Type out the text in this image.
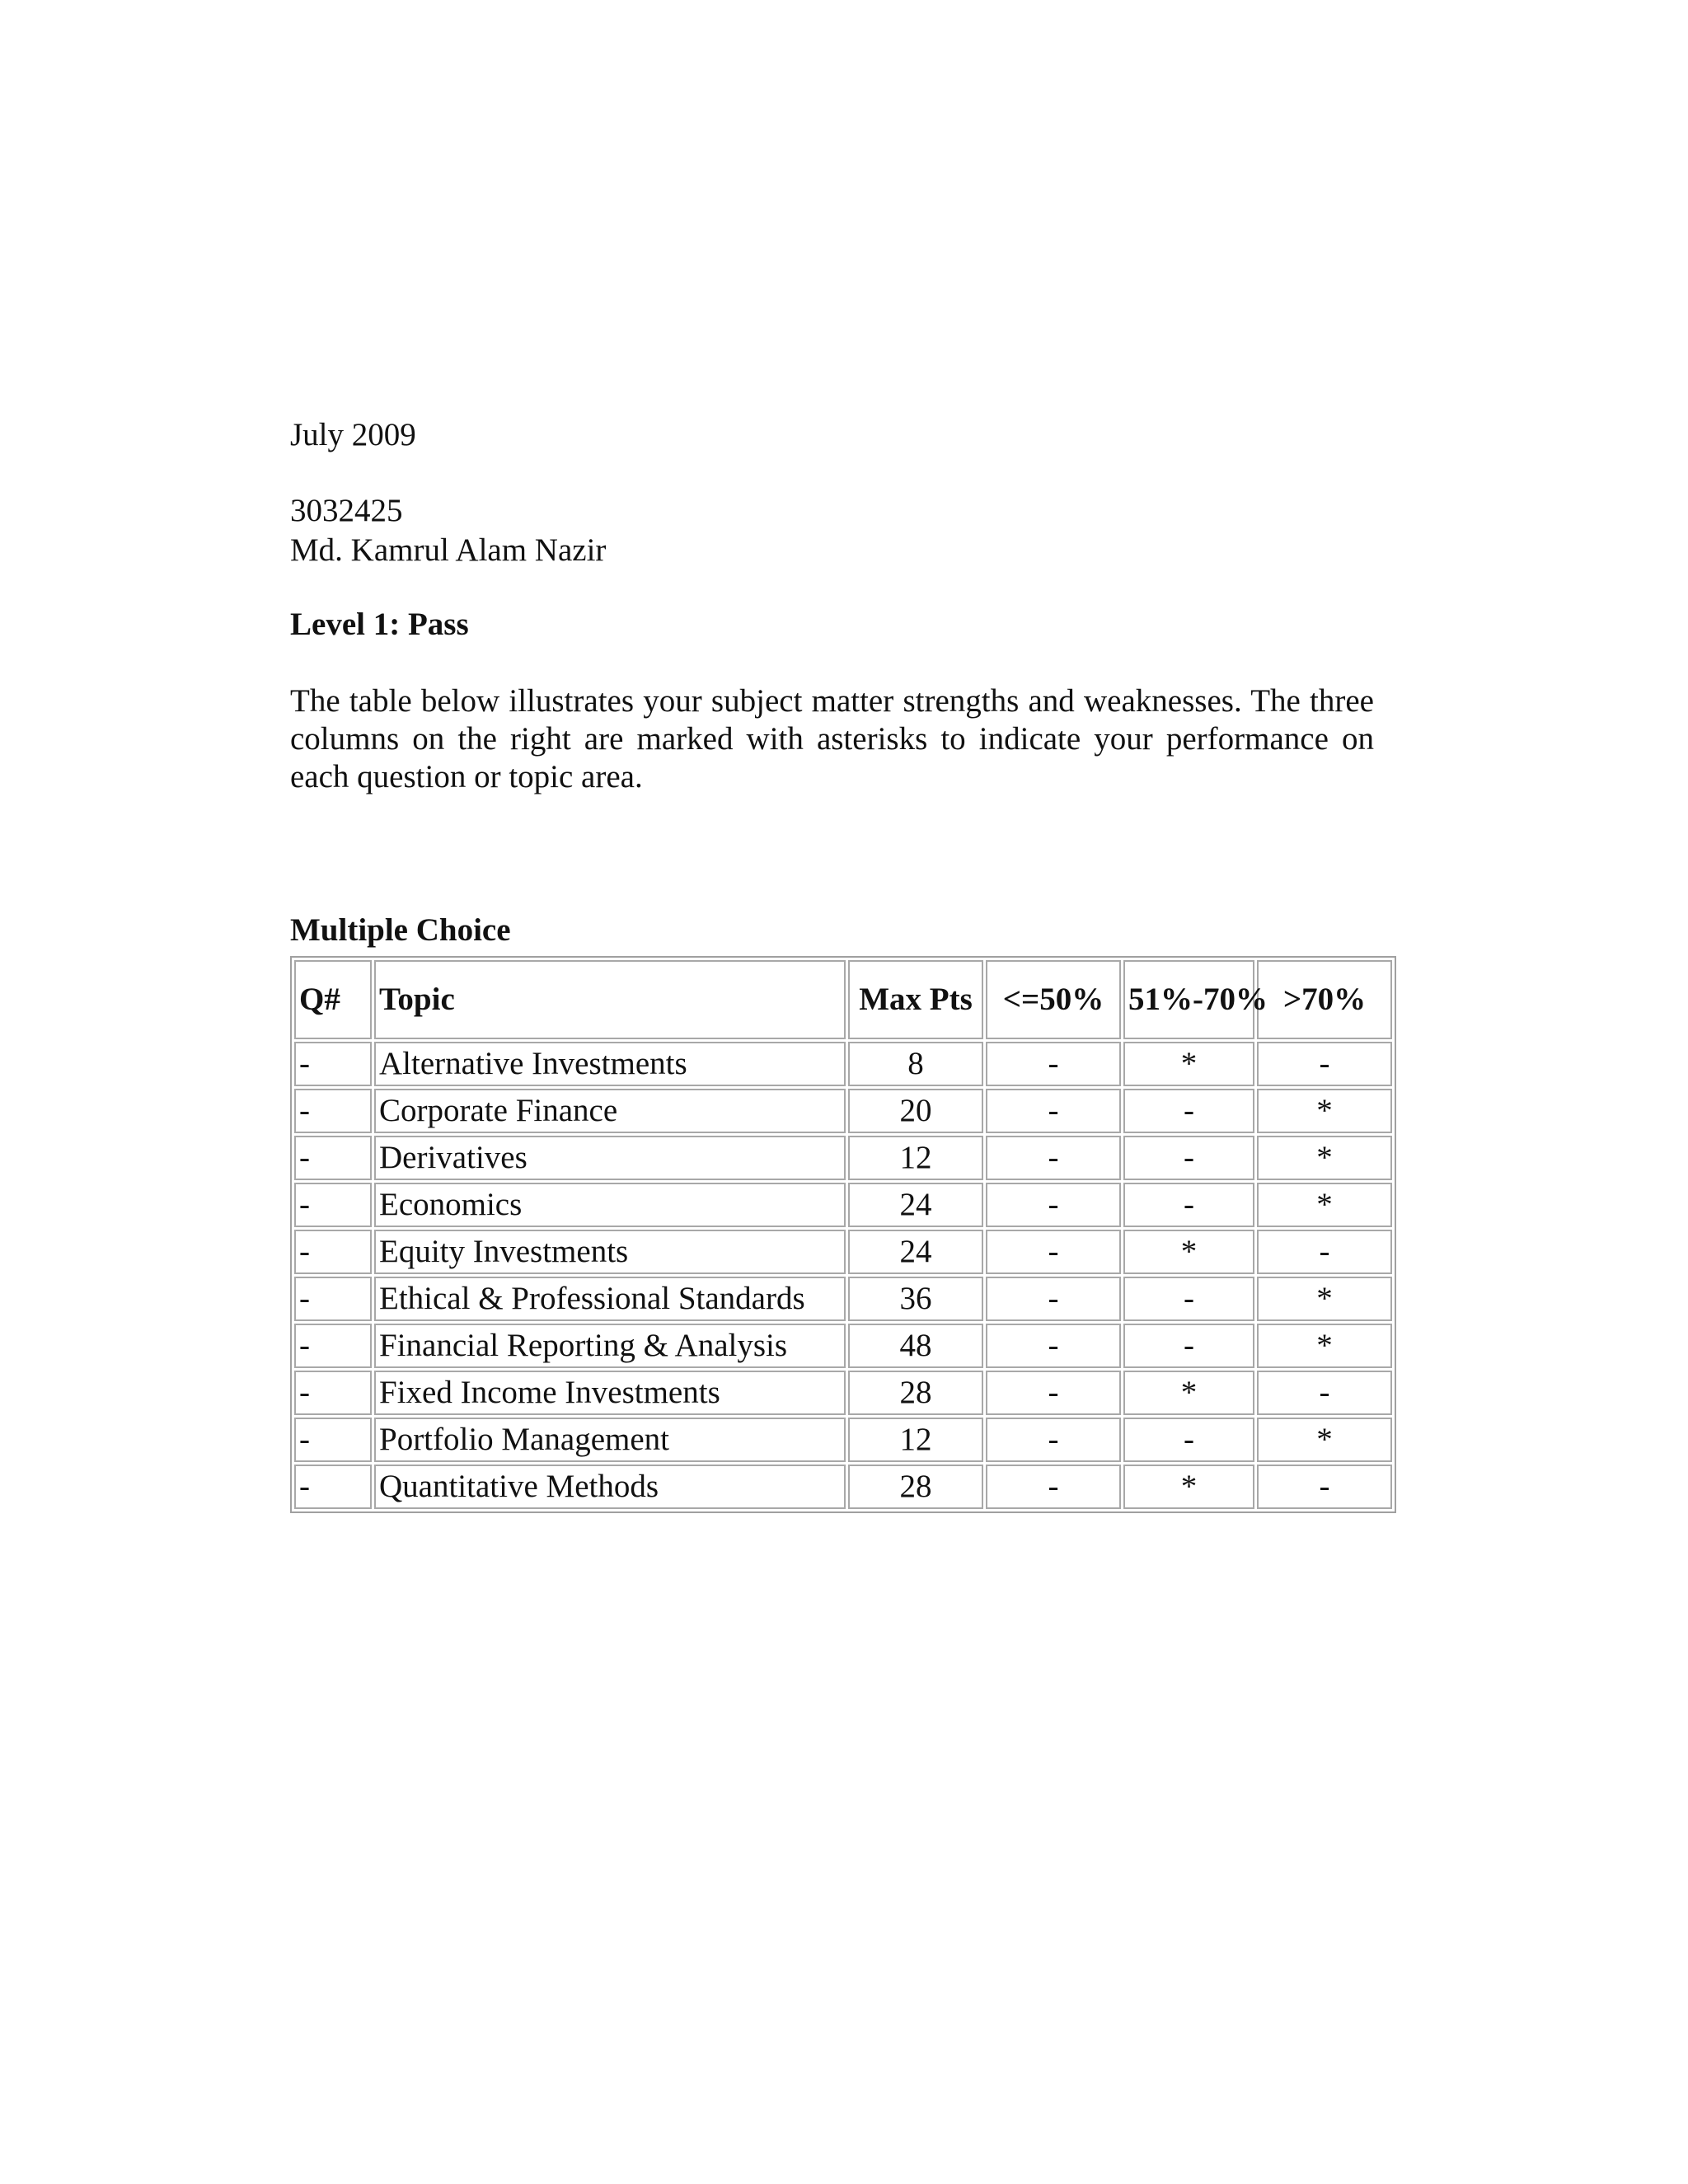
July 2009
3032425
Md. Kamrul Alam Nazir
Level 1: Pass
The table below illustrates your subject matter strengths and weaknesses. The three columns on the right are marked with asterisks to indicate your performance on each question or topic area.
Multiple Choice
Q#	Topic	Max Pts	<=50%	51%-70%	>70%
-	Alternative Investments	8	-	*	-
-	Corporate Finance	20	-	-	*
-	Derivatives	12	-	-	*
-	Economics	24	-	-	*
-	Equity Investments	24	-	*	-
-	Ethical & Professional Standards	36	-	-	*
-	Financial Reporting & Analysis	48	-	-	*
-	Fixed Income Investments	28	-	*	-
-	Portfolio Management	12	-	-	*
-	Quantitative Methods	28	-	*	-
